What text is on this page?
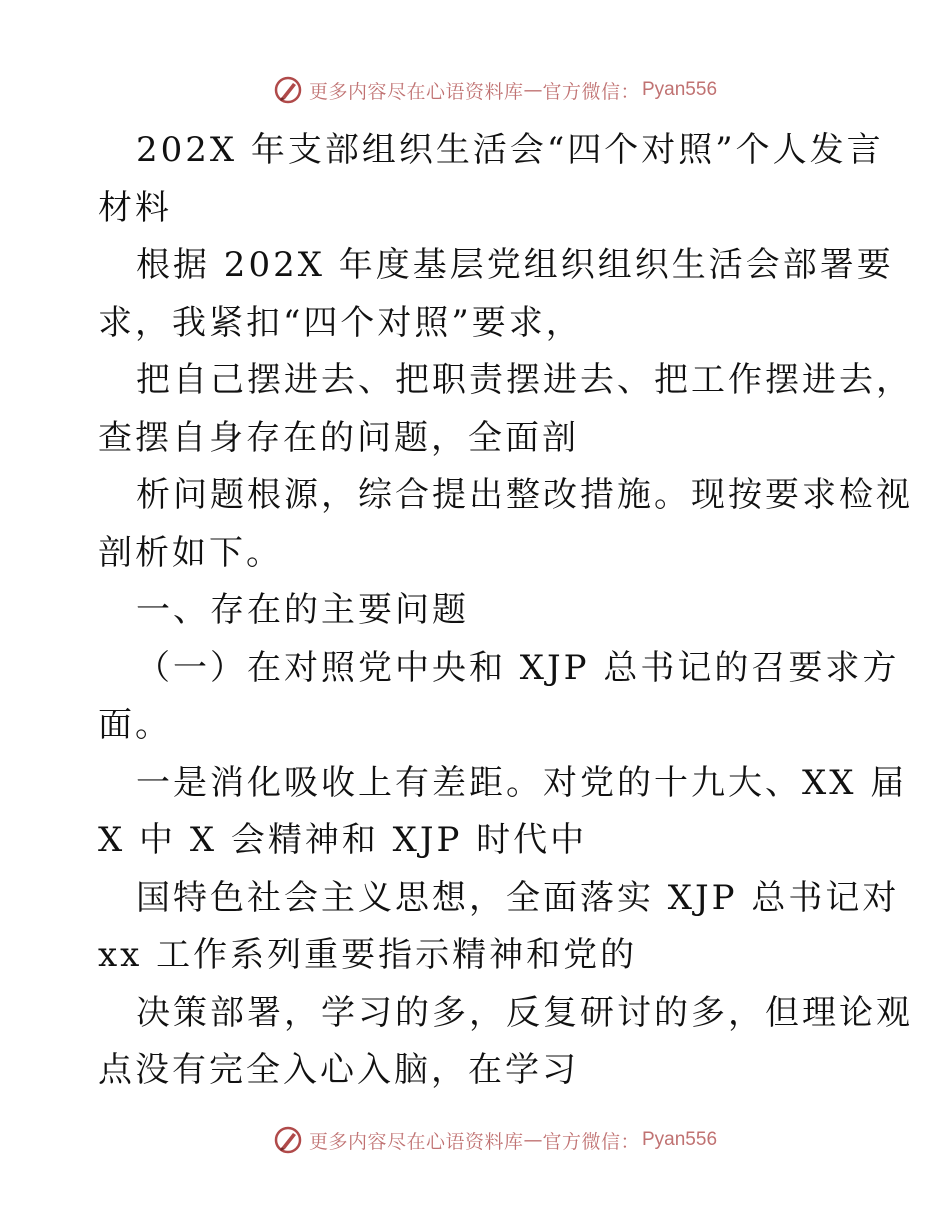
更多内容尽在心语资料库 — 官方微信： Pyan556
202X 年支部组织生活会“四个对照”个人发言
材料
根据 202X 年度基层党组织组织生活会部署要
求，我紧扣“四个对照”要求，
把自己摆进去、把职责摆进去、把工作摆进去，
查摆自身存在的问题，全面剖
析问题根源，综合提出整改措施。现按要求检视
剖析如下。
一、存在的主要问题
（一）在对照党中央和 XJP 总书记的召要求方
面。
一是消化吸收上有差距。对党的十九大、XX 届
X 中 X 会精神和 XJP 时代中
国特色社会主义思想，全面落实 XJP 总书记对
xx 工作系列重要指示精神和党的
决策部署，学习的多，反复研讨的多，但理论观
点没有完全入心入脑，在学习
更多内容尽在心语资料库 — 官方微信： Pyan556
